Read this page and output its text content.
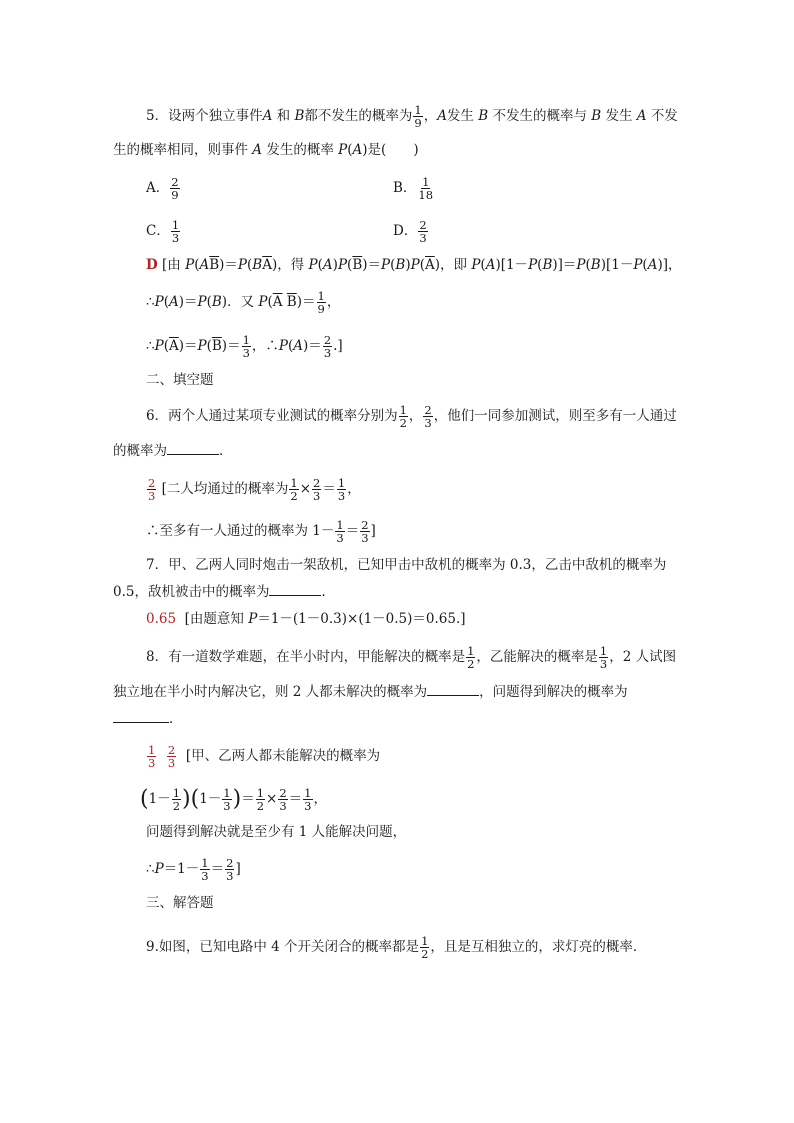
5．设两个独立事件A 和 B都不发生的概率为 $\frac{1}{9}$ ，A发生 B 不发生的概率与 B 发生 A 不发
生的概率相同，则事件 A 发生的概率 P(A)是(　　)
A． $\frac{2}{9}$	B． $\frac{1}{18}$
C． $\frac{1}{3}$	D． $\frac{2}{3}$
D [由 $P(A\overline{B})=P(B\overline{A})$，得 $P(A)P(\overline{B})=P(B)P(\overline{A})$，即 P(A)[1－P(B)]＝P(B)[1－P(A)]，
∴P(A)＝P(B)．又 $P(\overline{A}$ $\overline{B})= \frac{1}{9}$ ，
$\therefore P(\overline{A})=P(\overline{B})= \frac{1}{3}$ ，∴P(A)＝ $\frac{2}{3}$ .]
二、填空题
6．两个人通过某项专业测试的概率分别为 $\frac{1}{2}$ ， $\frac{2}{3}$ ，他们一同参加测试，则至多有一人通过
的概率为	．
$\frac{2}{3}$ [二人均通过的概率为 $\frac{1}{2} \times \frac{2}{3} = \frac{1}{3}$ ，
∴至多有一人通过的概率为 $1- \frac{1}{3} = \frac{2}{3}$ ]
7．甲、乙两人同时炮击一架敌机，已知甲击中敌机的概率为 0.3，乙击中敌机的概率为
0.5，敌机被击中的概率为	．
0.65 [由题意知 P＝1－(1－0.3)×(1－0.5)＝0.65.]
8．有一道数学难题，在半小时内，甲能解决的概率是 $\frac{1}{2}$ ，乙能解决的概率是 $\frac{1}{3}$ ，2 人试图
独立地在半小时内解决它，则 2 人都未解决的概率为	，问题得到解决的概率为
．
$\frac{1}{3}$
$\frac{2}{3}$ [甲、乙两人都未能解决的概率为
$(1- \frac{1}{2} )(1- \frac{1}{3}$ )＝ $\frac{1}{2} \times \frac{2}{3} = \frac{1}{3}$ ，
问题得到解决就是至少有 1 人能解决问题，
∴P＝1－ $\frac{1}{3} = \frac{2}{3}$ ]
三、解答题
9.如图，已知电路中 4 个开关闭合的概率都是 $\frac{1}{2}$ ，且是互相独立的，求灯亮的概率．
